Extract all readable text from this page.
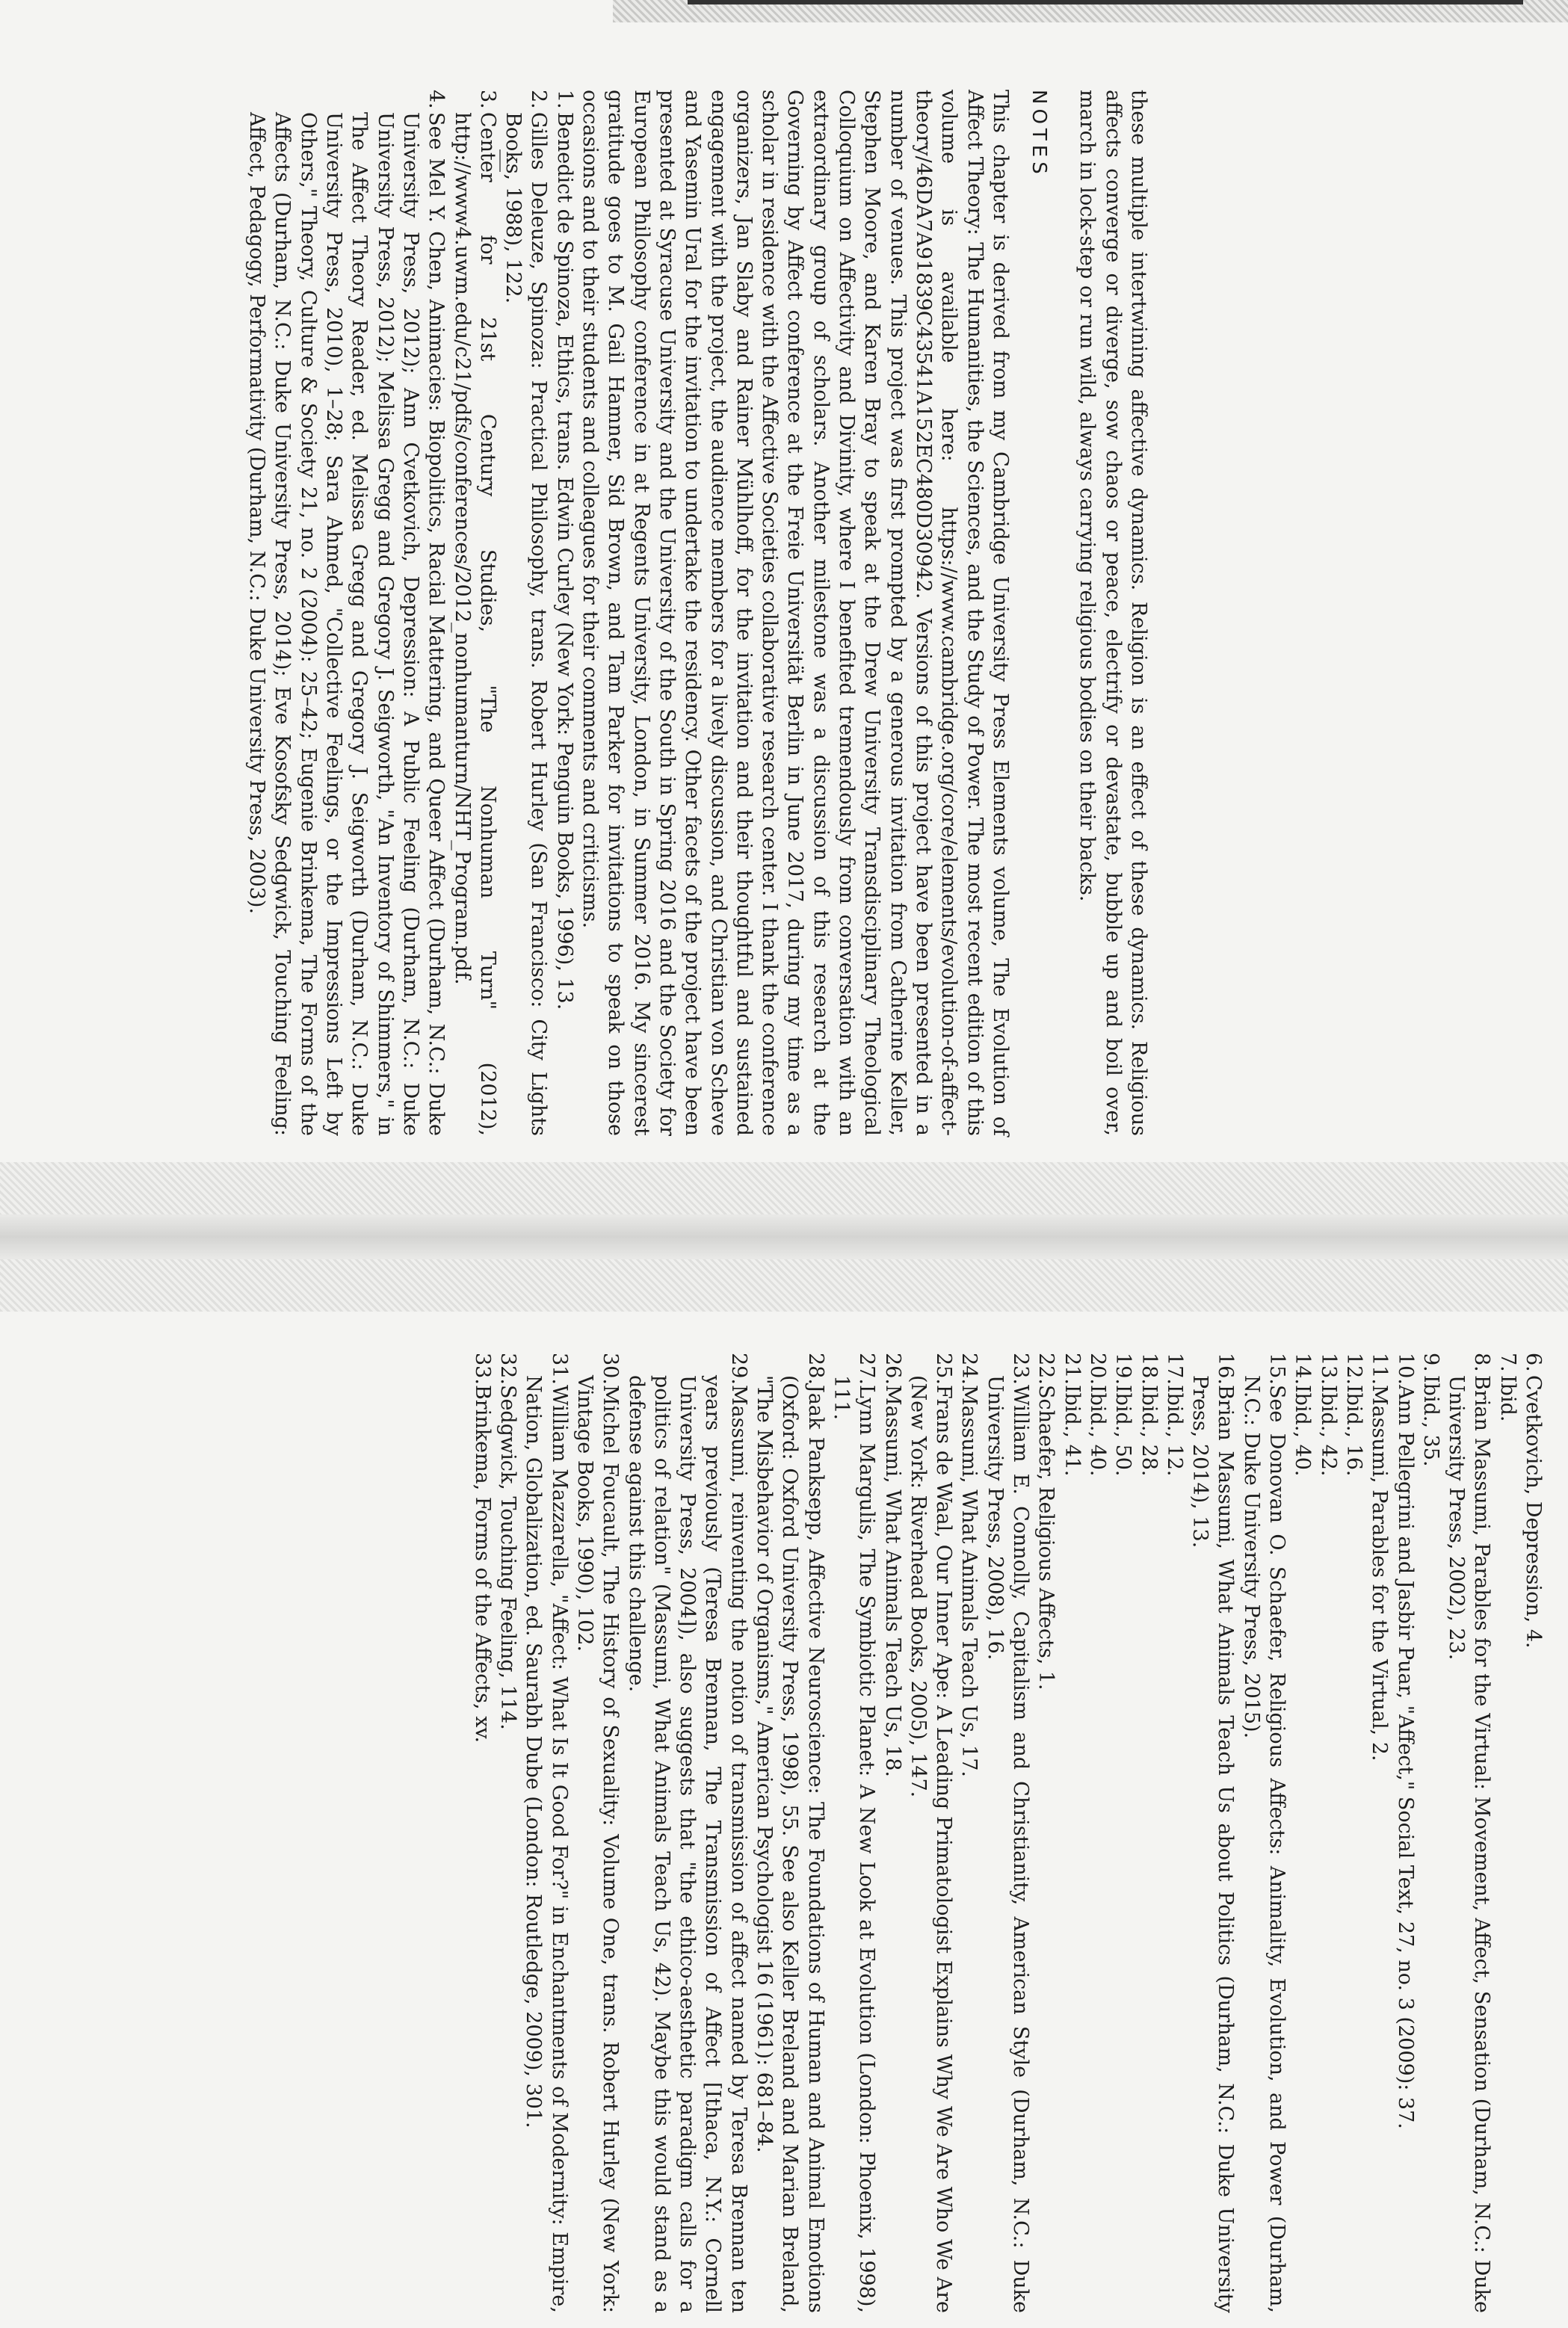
these multiple intertwining affective dynamics. Religion is an effect of these dynamics. Religious affects converge or diverge, sow chaos or peace, electrify or devastate, bubble up and boil over, march in lock-step or run wild, always carrying religious bodies on their backs.

NOTES

This chapter is derived from my Cambridge University Press Elements volume, The Evolution of Affect Theory: The Humanities, the Sciences, and the Study of Power. The most recent edition of this volume is available here: https://www.cambridge.org/core/elements/evolution-of-affect-theory/46DA7A91839C43541A152EC480D30942. Versions of this project have been presented in a number of venues. This project was first prompted by a generous invitation from Catherine Keller, Stephen Moore, and Karen Bray to speak at the Drew University Transdisciplinary Theological Colloquium on Affectivity and Divinity, where I benefited tremendously from conversation with an extraordinary group of scholars. Another milestone was a discussion of this research at the Governing by Affect conference at the Freie Universität Berlin in June 2017, during my time as a scholar in residence with the Affective Societies collaborative research center. I thank the conference organizers, Jan Slaby and Rainer Mühlhoff, for the invitation and their thoughtful and sustained engagement with the project, the audience members for a lively discussion, and Christian von Scheve and Yasemin Ural for the invitation to undertake the residency. Other facets of the project have been presented at Syracuse University and the University of the South in Spring 2016 and the Society for European Philosophy conference in at Regents University, London, in Summer 2016. My sincerest gratitude goes to M. Gail Hamner, Sid Brown, and Tam Parker for invitations to speak on those occasions and to their students and colleagues for their comments and criticisms.

1.Benedict de Spinoza, Ethics, trans. Edwin Curley (New York: Penguin Books, 1996), 13.
2.Gilles Deleuze, Spinoza: Practical Philosophy, trans. Robert Hurley (San Francisco: City Lights Books, 1988), 122.
3.Center for 21st Century Studies, "The Nonhuman Turn" (2012), http://www4.uwm.edu/c21/pdfs/conferences/2012_nonhumanturn/NHT_Program.pdf.
4.See Mel Y. Chen, Animacies: Biopolitics, Racial Mattering, and Queer Affect (Durham, N.C.: Duke University Press, 2012); Ann Cvetkovich, Depression: A Public Feeling (Durham, N.C.: Duke University Press, 2012); Melissa Gregg and Gregory J. Seigworth, "An Inventory of Shimmers," in The Affect Theory Reader, ed. Melissa Gregg and Gregory J. Seigworth (Durham, N.C.: Duke University Press, 2010), 1–28; Sara Ahmed, "Collective Feelings, or the Impressions Left by Others," Theory, Culture & Society 21, no. 2 (2004): 25–42; Eugenie Brinkema, The Forms of the Affects (Durham, N.C.: Duke University Press, 2014); Eve Kosofsky Sedgwick, Touching Feeling: Affect, Pedagogy, Performativity (Durham, N.C.: Duke University Press, 2003).
6.Cvetkovich, Depression, 4.
7.Ibid.
8.Brian Massumi, Parables for the Virtual: Movement, Affect, Sensation (Durham, N.C.: Duke University Press, 2002), 23.
9.Ibid., 35.
10.Ann Pellegrini and Jasbir Puar, "Affect," Social Text, 27, no. 3 (2009): 37.
11.Massumi, Parables for the Virtual, 2.
12.Ibid., 16.
13.Ibid., 42.
14.Ibid., 40.
15.See Donovan O. Schaefer, Religious Affects: Animality, Evolution, and Power (Durham, N.C.: Duke University Press, 2015).
16.Brian Massumi, What Animals Teach Us about Politics (Durham, N.C.: Duke University Press, 2014), 13.
17.Ibid., 12.
18.Ibid., 28.
19.Ibid., 50.
20.Ibid., 40.
21.Ibid., 41.
22.Schaefer, Religious Affects, 1.
23.William E. Connolly, Capitalism and Christianity, American Style (Durham, N.C.: Duke University Press, 2008), 16.
24.Massumi, What Animals Teach Us, 17.
25.Frans de Waal, Our Inner Ape: A Leading Primatologist Explains Why We Are Who We Are (New York: Riverhead Books, 2005), 147.
26.Massumi, What Animals Teach Us, 18.
27.Lynn Margulis, The Symbiotic Planet: A New Look at Evolution (London: Phoenix, 1998), 111.
28.Jaak Panksepp, Affective Neuroscience: The Foundations of Human and Animal Emotions (Oxford: Oxford University Press, 1998), 55. See also Keller Breland and Marian Breland, "The Misbehavior of Organisms," American Psychologist 16 (1961): 681–84.
29.Massumi, reinventing the notion of transmission of affect named by Teresa Brennan ten years previously (Teresa Brennan, The Transmission of Affect [Ithaca, N.Y.: Cornell University Press, 2004]), also suggests that "the ethico-aesthetic paradigm calls for a politics of relation" (Massumi, What Animals Teach Us, 42). Maybe this would stand as a defense against this challenge.
30.Michel Foucault, The History of Sexuality: Volume One, trans. Robert Hurley (New York: Vintage Books, 1990), 102.
31.William Mazzarella, "Affect: What Is It Good For?" in Enchantments of Modernity: Empire, Nation, Globalization, ed. Saurabh Dube (London: Routledge, 2009), 301.
32.Sedgwick, Touching Feeling, 114.
33.Brinkema, Forms of the Affects, xv.
